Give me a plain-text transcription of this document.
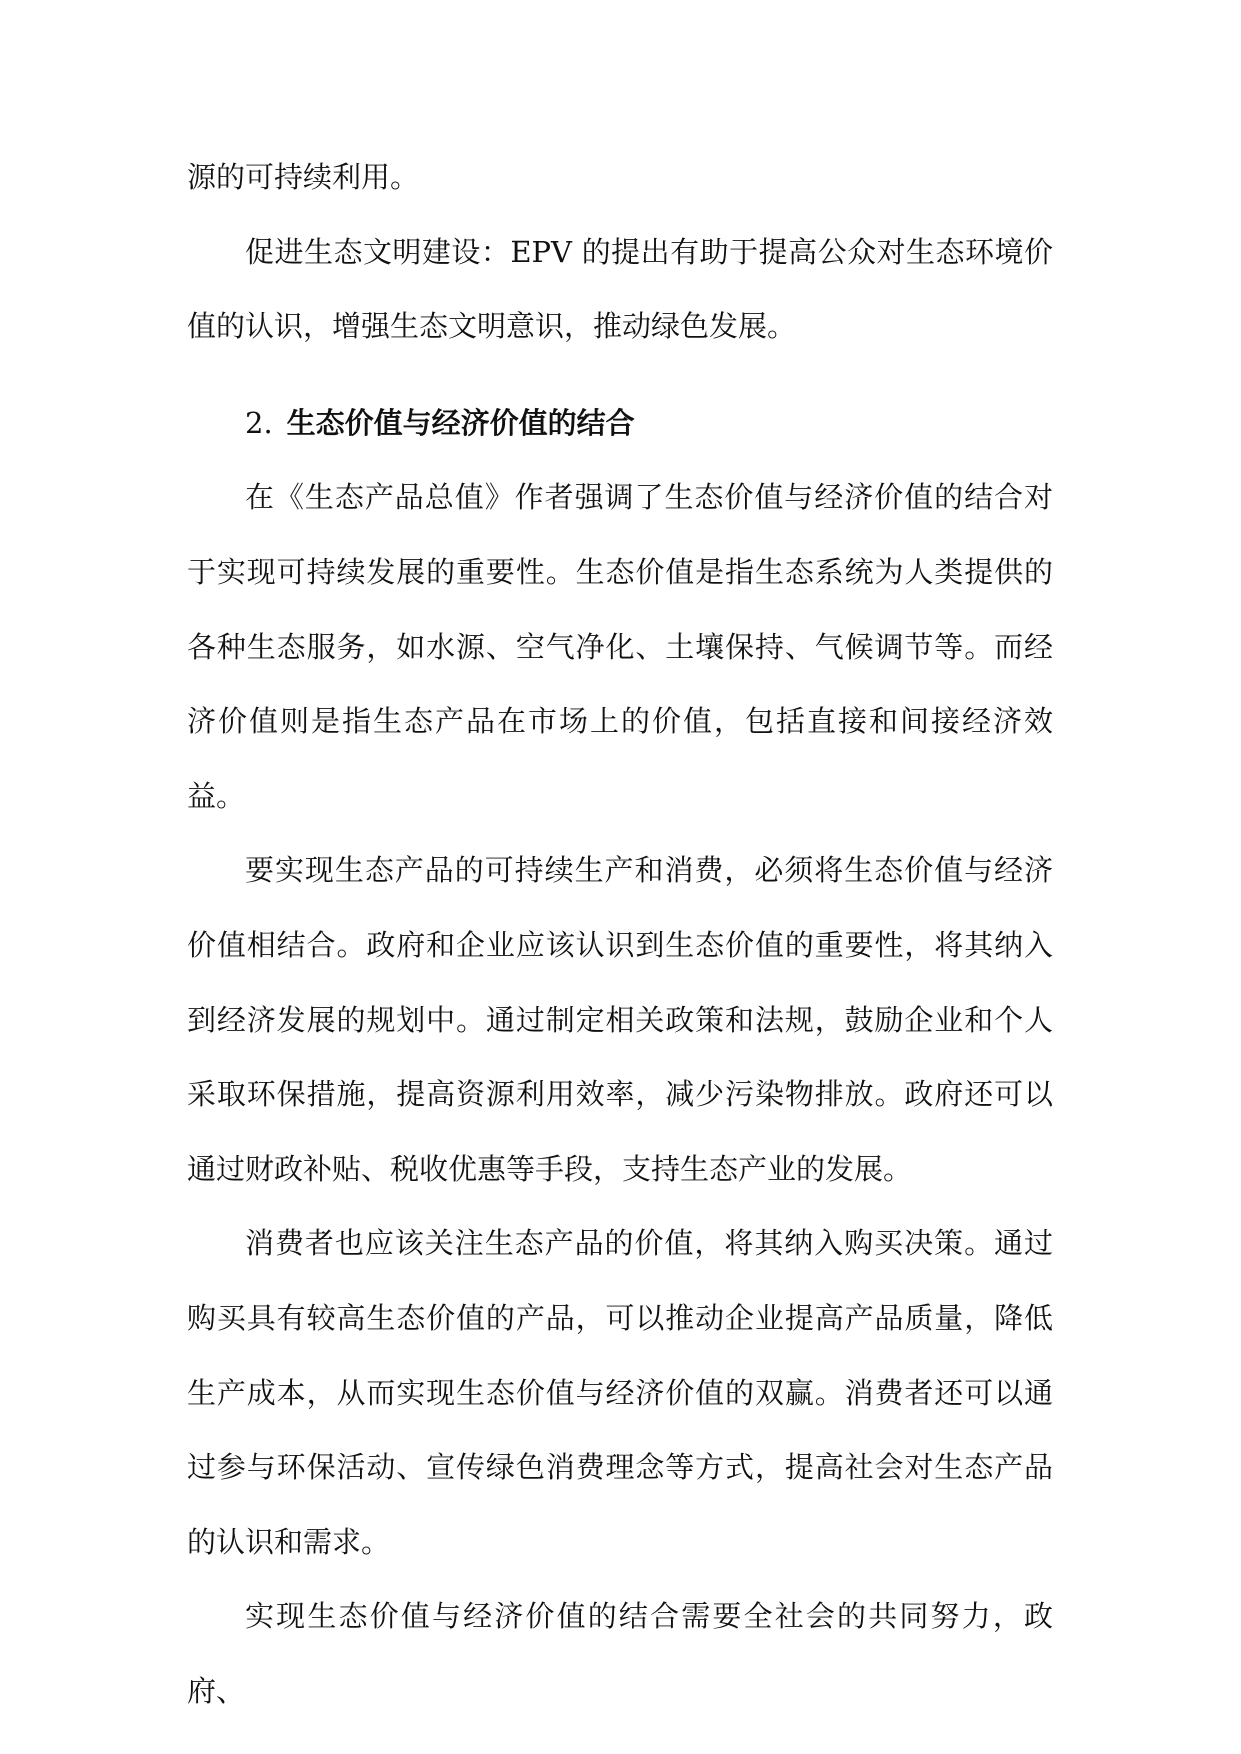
源的可持续利用。

促进生态文明建设：EPV 的提出有助于提高公众对生态环境价值的认识，增强生态文明意识，推动绿色发展。

2. 生态价值与经济价值的结合

在《生态产品总值》作者强调了生态价值与经济价值的结合对于实现可持续发展的重要性。生态价值是指生态系统为人类提供的各种生态服务，如水源、空气净化、土壤保持、气候调节等。而经济价值则是指生态产品在市场上的价值，包括直接和间接经济效益。

要实现生态产品的可持续生产和消费，必须将生态价值与经济价值相结合。政府和企业应该认识到生态价值的重要性，将其纳入到经济发展的规划中。通过制定相关政策和法规，鼓励企业和个人采取环保措施，提高资源利用效率，减少污染物排放。政府还可以通过财政补贴、税收优惠等手段，支持生态产业的发展。

消费者也应该关注生态产品的价值，将其纳入购买决策。通过购买具有较高生态价值的产品，可以推动企业提高产品质量，降低生产成本，从而实现生态价值与经济价值的双赢。消费者还可以通过参与环保活动、宣传绿色消费理念等方式，提高社会对生态产品的认识和需求。

实现生态价值与经济价值的结合需要全社会的共同努力，政府、
